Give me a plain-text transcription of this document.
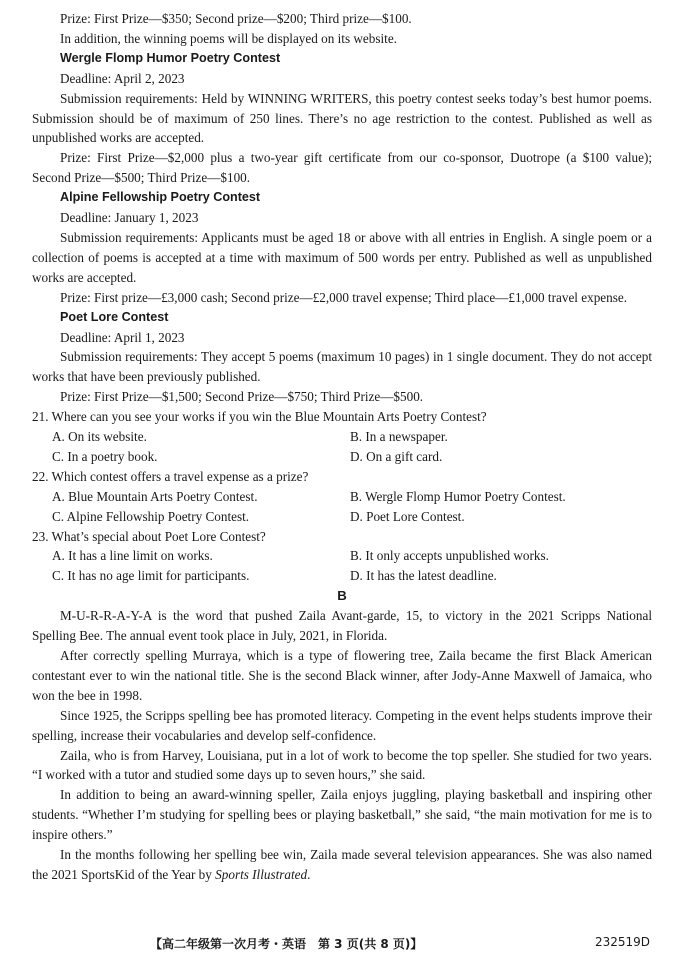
Prize: First Prize—$350; Second prize—$200; Third prize—$100.

In addition, the winning poems will be displayed on its website.

Wergle Flomp Humor Poetry Contest

Deadline: April 2, 2023

Submission requirements: Held by WINNING WRITERS, this poetry contest seeks today’s best humor poems. Submission should be of maximum of 250 lines. There’s no age restriction to the contest. Published as well as unpublished works are accepted.

Prize: First Prize—$2,000 plus a two-year gift certificate from our co-sponsor, Duotrope (a $100 value); Second Prize—$500; Third Prize—$100.

Alpine Fellowship Poetry Contest

Deadline: January 1, 2023

Submission requirements: Applicants must be aged 18 or above with all entries in English. A single poem or a collection of poems is accepted at a time with maximum of 500 words per entry. Published as well as unpublished works are accepted.

Prize: First prize—£3,000 cash; Second prize—£2,000 travel expense; Third place—£1,000 travel expense.

Poet Lore Contest

Deadline: April 1, 2023

Submission requirements: They accept 5 poems (maximum 10 pages) in 1 single document. They do not accept works that have been previously published.

Prize: First Prize—$1,500; Second Prize—$750; Third Prize—$500.

21. Where can you see your works if you win the Blue Mountain Arts Poetry Contest?

A. On its website.	B. In a newspaper.
C. In a poetry book.	D. On a gift card.

22. Which contest offers a travel expense as a prize?

A. Blue Mountain Arts Poetry Contest.	B. Wergle Flomp Humor Poetry Contest.
C. Alpine Fellowship Poetry Contest.	D. Poet Lore Contest.

23. What’s special about Poet Lore Contest?

A. It has a line limit on works.	B. It only accepts unpublished works.
C. It has no age limit for participants.	D. It has the latest deadline.

B

M-U-R-R-A-Y-A is the word that pushed Zaila Avant-garde, 15, to victory in the 2021 Scripps National Spelling Bee. The annual event took place in July, 2021, in Florida.

After correctly spelling Murraya, which is a type of flowering tree, Zaila became the first Black American contestant ever to win the national title. She is the second Black winner, after Jody-Anne Maxwell of Jamaica, who won the bee in 1998.

Since 1925, the Scripps spelling bee has promoted literacy. Competing in the event helps students improve their spelling, increase their vocabularies and develop self-confidence.

Zaila, who is from Harvey, Louisiana, put in a lot of work to become the top speller. She studied for two years. “I worked with a tutor and studied some days up to seven hours,” she said.

In addition to being an award-winning speller, Zaila enjoys juggling, playing basketball and inspiring other students. “Whether I’m studying for spelling bees or playing basketball,” she said, “the main motivation for me is to inspire others.”

In the months following her spelling bee win, Zaila made several television appearances. She was also named the 2021 SportsKid of the Year by Sports Illustrated.

【高二年级第一次月考・英语　第 3 页(共 8 页)】	232519D
